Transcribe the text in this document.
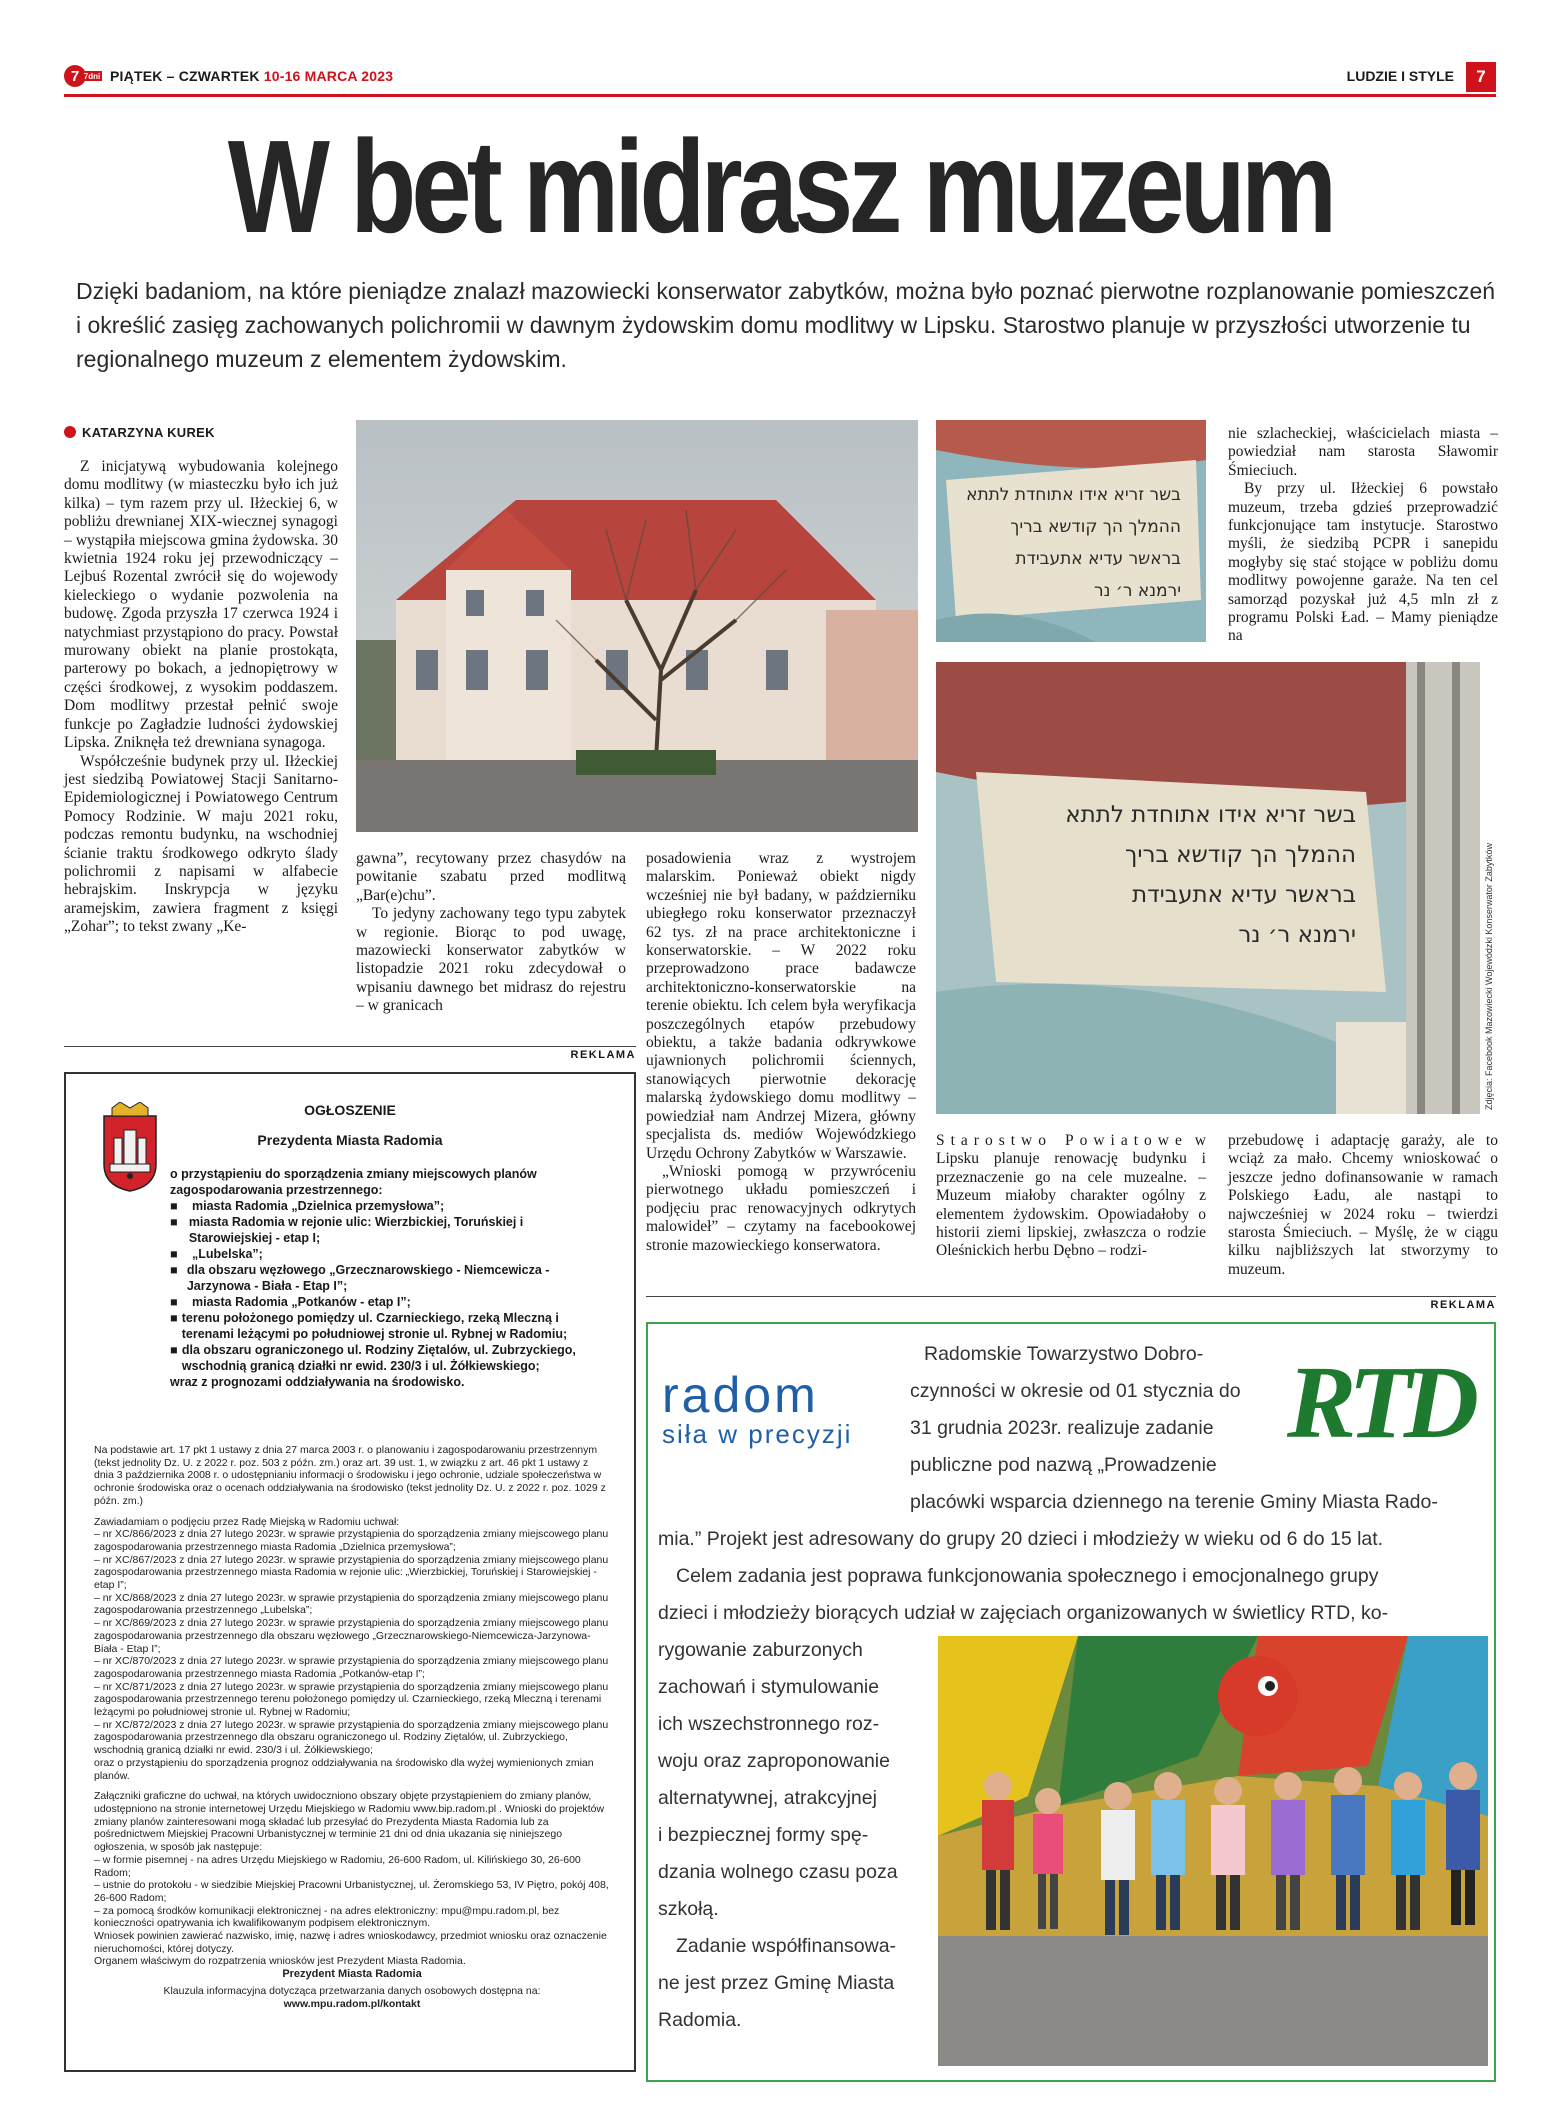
7 7dni PIĄTEK – CZWARTEK 10-16 MARCA 2023	LUDZIE I STYLE	7
W bet midrasz muzeum
Dzięki badaniom, na które pieniądze znalazł mazowiecki konserwator zabytków, można było poznać pierwotne rozplanowanie pomieszczeń i określić zasięg zachowanych polichromii w dawnym żydowskim domu modlitwy w Lipsku. Starostwo planuje w przyszłości utworzenie tu regionalnego muzeum z elementem żydowskim.
KATARZYNA KUREK

Z inicjatywą wybudowania kolejnego domu modlitwy (w miasteczku było ich już kilka) – tym razem przy ul. Iłżeckiej 6, w pobliżu drewnianej XIX-wiecznej synagogi – wystąpiła miejscowa gmina żydowska. 30 kwietnia 1924 roku jej przewodniczący – Lejbuś Rozental zwrócił się do wojewody kieleckiego o wydanie pozwolenia na budowę. Zgoda przyszła 17 czerwca 1924 i natychmiast przystąpiono do pracy. Powstał murowany obiekt na planie prostokąta, parterowy po bokach, a jednopiętrowy w części środkowej, z wysokim poddaszem. Dom modlitwy przestał pełnić swoje funkcje po Zagładzie ludności żydowskiej Lipska. Zniknęła też drewniana synagoga.

Współcześnie budynek przy ul. Iłżeckiej jest siedzibą Powiatowej Stacji Sanitarno-Epidemiologicznej i Powiatowego Centrum Pomocy Rodzinie. W maju 2021 roku, podczas remontu budynku, na wschodniej ścianie traktu środkowego odkryto ślady polichromii z napisami w alfabecie hebrajskim. Inskrypcja w języku aramejskim, zawiera fragment z księgi „Zohar”; to tekst zwany „Ke-

gawna”, recytowany przez chasydów na powitanie szabatu przed modlitwą „Bar(e)chu”.

To jedyny zachowany tego typu zabytek w regionie. Biorąc to pod uwagę, mazowiecki konserwator zabytków w listopadzie 2021 roku zdecydował o wpisaniu dawnego bet midrasz do rejestru – w granicach

posadowienia wraz z wystrojem malarskim. Ponieważ obiekt nigdy wcześniej nie był badany, w październiku ubiegłego roku konserwator przeznaczył 62 tys. zł na prace architektoniczne i konserwatorskie. – W 2022 roku przeprowadzono prace badawcze architektoniczno-konserwatorskie na terenie obiektu. Ich celem była weryfikacja poszczególnych etapów przebudowy obiektu, a także badania odkrywkowe ujawnionych polichromii ściennych, stanowiących pierwotnie dekorację malarską żydowskiego domu modlitwy – powiedział nam Andrzej Mizera, główny specjalista ds. mediów Wojewódzkiego Urzędu Ochrony Zabytków w Warszawie.

„Wnioski pomogą w przywróceniu pierwotnego układu pomieszczeń i podjęciu prac renowacyjnych odkrytych malowideł” – czytamy na facebookowej stronie mazowieckiego konserwatora.

בשר זריא אידו אתוחדת לתתא
ההמלך הך קודשא בריך
בראשר עדיא אתעבידת
ירמנא ר׳ נר

nie szlacheckiej, właścicielach miasta – powiedział nam starosta Sławomir Śmieciuch.

By przy ul. Iłżeckiej 6 powstało muzeum, trzeba gdzieś przeprowadzić funkcjonujące tam instytucje. Starostwo myśli, że siedzibą PCPR i sanepidu mogłyby się stać stojące w pobliżu domu modlitwy powojenne garaże. Na ten cel samorząd pozyskał już 4,5 mln zł z programu Polski Ład. – Mamy pieniądze na

בשר זריא אידו אתוחדת לתתא
ההמלך הך קודשא בריך
בראשר עדיא אתעבידת
ירמנא ר׳ נר	Zdjęcia: Facebook Mazowiecki Wojewódzki Konserwator Zabytków

Starostwo Powiatowe w Lipsku planuje renowację budynku i przeznaczenie go na cele muzealne. – Muzeum miałoby charakter ogólny z elementem żydowskim. Opowiadałoby o historii ziemi lipskiej, zwłaszcza o rodzie Oleśnickich herbu Dębno – rodzi-

przebudowę i adaptację garaży, ale to wciąż za mało. Chcemy wnioskować o jeszcze jedno dofinansowanie w ramach Polskiego Ładu, ale nastąpi to najwcześniej w 2024 roku – twierdzi starosta Śmieciuch. – Myślę, że w ciągu kilku najbliższych lat stworzymy to muzeum.

REKLAMA
REKLAMA
OGŁOSZENIE
Prezydenta Miasta Radomia
o przystąpieniu do sporządzenia zmiany miejscowych planów zagospodarowania przestrzennego:
■	miasta Radomia „Dzielnica przemysłowa”;
■ miasta Radomia w rejonie ulic: Wierzbickiej, Toruńskiej i Starowiejskiej - etap I;
■	„Lubelska”;
■ dla obszaru węzłowego „Grzecznarowskiego - Niemcewicza - Jarzynowa - Biała - Etap I”;
■	miasta Radomia „Potkanów - etap I”;
■ terenu położonego pomiędzy ul. Czarnieckiego, rzeką Mleczną i terenami leżącymi po południowej stronie ul. Rybnej w Radomiu;
■ dla obszaru ograniczonego ul. Rodziny Ziętalów, ul. Zubrzyckiego, wschodnią granicą działki nr ewid. 230/3 i ul. Żółkiewskiego;
wraz z prognozami oddziaływania na środowisko.

Na podstawie art. 17 pkt 1 ustawy z dnia 27 marca 2003 r. o planowaniu i zagospodarowaniu przestrzennym (tekst jednolity Dz. U. z 2022 r. poz. 503 z późn. zm.) oraz art. 39 ust. 1, w związku z art. 46 pkt 1 ustawy z dnia 3 października 2008 r. o udostępnianiu informacji o środowisku i jego ochronie, udziale społeczeństwa w ochronie środowiska oraz o ocenach oddziaływania na środowisko (tekst jednolity Dz. U. z 2022 r. poz. 1029 z późn. zm.)

Zawiadamiam o podjęciu przez Radę Miejską w Radomiu uchwał:

– nr XC/866/2023 z dnia 27 lutego 2023r. w sprawie przystąpienia do sporządzenia zmiany miejscowego planu zagospodarowania przestrzennego miasta Radomia „Dzielnica przemysłowa”;

– nr XC/867/2023 z dnia 27 lutego 2023r. w sprawie przystąpienia do sporządzenia zmiany miejscowego planu zagospodarowania przestrzennego miasta Radomia w rejonie ulic: „Wierzbickiej, Toruńskiej i Starowiejskiej - etap I”;

– nr XC/868/2023 z dnia 27 lutego 2023r. w sprawie przystąpienia do sporządzenia zmiany miejscowego planu zagospodarowania przestrzennego „Lubelska”;

– nr XC/869/2023 z dnia 27 lutego 2023r. w sprawie przystąpienia do sporządzenia zmiany miejscowego planu zagospodarowania przestrzennego dla obszaru węzłowego „Grzecznarowskiego-Niemcewicza-Jarzynowa-Biała - Etap I”;

– nr XC/870/2023 z dnia 27 lutego 2023r. w sprawie przystąpienia do sporządzenia zmiany miejscowego planu zagospodarowania przestrzennego miasta Radomia „Potkanów-etap I”;

– nr XC/871/2023 z dnia 27 lutego 2023r. w sprawie przystąpienia do sporządzenia zmiany miejscowego planu zagospodarowania przestrzennego terenu położonego pomiędzy ul. Czarnieckiego, rzeką Mleczną i terenami leżącymi po południowej stronie ul. Rybnej w Radomiu;

– nr XC/872/2023 z dnia 27 lutego 2023r. w sprawie przystąpienia do sporządzenia zmiany miejscowego planu zagospodarowania przestrzennego dla obszaru ograniczonego ul. Rodziny Ziętalów, ul. Zubrzyckiego, wschodnią granicą działki nr ewid. 230/3 i ul. Żółkiewskiego;

oraz o przystąpieniu do sporządzenia prognoz oddziaływania na środowisko dla wyżej wymienionych zmian planów.

Załączniki graficzne do uchwał, na których uwidoczniono obszary objęte przystąpieniem do zmiany planów, udostępniono na stronie internetowej Urzędu Miejskiego w Radomiu www.bip.radom.pl . Wnioski do projektów zmiany planów zainteresowani mogą składać lub przesyłać do Prezydenta Miasta Radomia lub za pośrednictwem Miejskiej Pracowni Urbanistycznej w terminie 21 dni od dnia ukazania się niniejszego ogłoszenia, w sposób jak następuje:

– w formie pisemnej - na adres Urzędu Miejskiego w Radomiu, 26-600 Radom, ul. Kilińskiego 30, 26-600 Radom;

– ustnie do protokołu - w siedzibie Miejskiej Pracowni Urbanistycznej, ul. Żeromskiego 53, IV Piętro, pokój 408, 26-600 Radom;

– za pomocą środków komunikacji elektronicznej - na adres elektroniczny: mpu@mpu.radom.pl, bez konieczności opatrywania ich kwalifikowanym podpisem elektronicznym.

Wniosek powinien zawierać nazwisko, imię, nazwę i adres wnioskodawcy, przedmiot wniosku oraz oznaczenie nieruchomości, której dotyczy.

Organem właściwym do rozpatrzenia wniosków jest Prezydent Miasta Radomia.

Prezydent Miasta Radomia

Klauzula informacyjna dotycząca przetwarzania danych osobowych dostępna na: www.mpu.radom.pl/kontakt

radom
siła w precyzji	RTD
Radomskie Towarzystwo Dobro-
czynności w okresie od 01 stycznia do
31 grudnia 2023r. realizuje zadanie
publiczne pod nazwą „Prowadzenie
placówki wsparcia dziennego na terenie Gminy Miasta Rado-
mia.” Projekt jest adresowany do grupy 20 dzieci i młodzieży w wieku od 6 do 15 lat.
Celem zadania jest poprawa funkcjonowania społecznego i emocjonalnego grupy
dzieci i młodzieży biorących udział w zajęciach organizowanych w świetlicy RTD, ko-
rygowanie zaburzonych
zachowań i stymulowanie
ich wszechstronnego roz-
woju oraz zaproponowanie
alternatywnej, atrakcyjnej
i bezpiecznej formy spę-
dzania wolnego czasu poza
szkołą.
Zadanie współfinansowa-
ne jest przez Gminę Miasta
Radomia.
